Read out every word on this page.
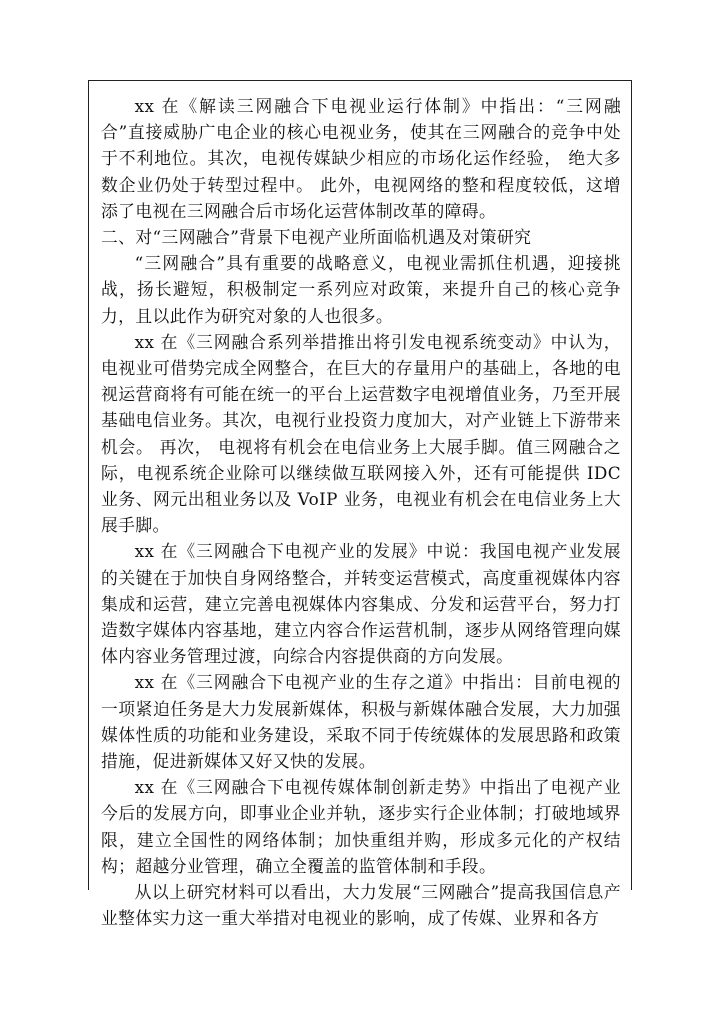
xx 在《解读三网融合下电视业运行体制》中指出：“三网融合”直接威胁广电企业的核心电视业务，使其在三网融合的竞争中处于不利地位。其次，电视传媒缺少相应的市场化运作经验， 绝大多数企业仍处于转型过程中。 此外，电视网络的整和程度较低，这增添了电视在三网融合后市场化运营体制改革的障碍。

二、对“三网融合”背景下电视产业所面临机遇及对策研究

“三网融合”具有重要的战略意义，电视业需抓住机遇，迎接挑战，扬长避短，积极制定一系列应对政策，来提升自己的核心竞争力，且以此作为研究对象的人也很多。

xx 在《三网融合系列举措推出将引发电视系统变动》中认为，电视业可借势完成全网整合，在巨大的存量用户的基础上，各地的电视运营商将有可能在统一的平台上运营数字电视增值业务，乃至开展基础电信业务。其次，电视行业投资力度加大，对产业链上下游带来机会。 再次， 电视将有机会在电信业务上大展手脚。值三网融合之际，电视系统企业除可以继续做互联网接入外，还有可能提供 IDC 业务、网元出租业务以及 VoIP 业务，电视业有机会在电信业务上大展手脚。

xx 在《三网融合下电视产业的发展》中说：我国电视产业发展的关键在于加快自身网络整合，并转变运营模式，高度重视媒体内容集成和运营，建立完善电视媒体内容集成、分发和运营平台，努力打造数字媒体内容基地，建立内容合作运营机制，逐步从网络管理向媒体内容业务管理过渡，向综合内容提供商的方向发展。

xx 在《三网融合下电视产业的生存之道》中指出：目前电视的一项紧迫任务是大力发展新媒体，积极与新媒体融合发展，大力加强媒体性质的功能和业务建设，采取不同于传统媒体的发展思路和政策措施，促进新媒体又好又快的发展。

xx 在《三网融合下电视传媒体制创新走势》中指出了电视产业今后的发展方向，即事业企业并轨，逐步实行企业体制；打破地域界限，建立全国性的网络体制；加快重组并购，形成多元化的产权结构；超越分业管理，确立全覆盖的监管体制和手段。

从以上研究材料可以看出，大力发展“三网融合”提高我国信息产业整体实力这一重大举措对电视业的影响，成了传媒、业界和各方
